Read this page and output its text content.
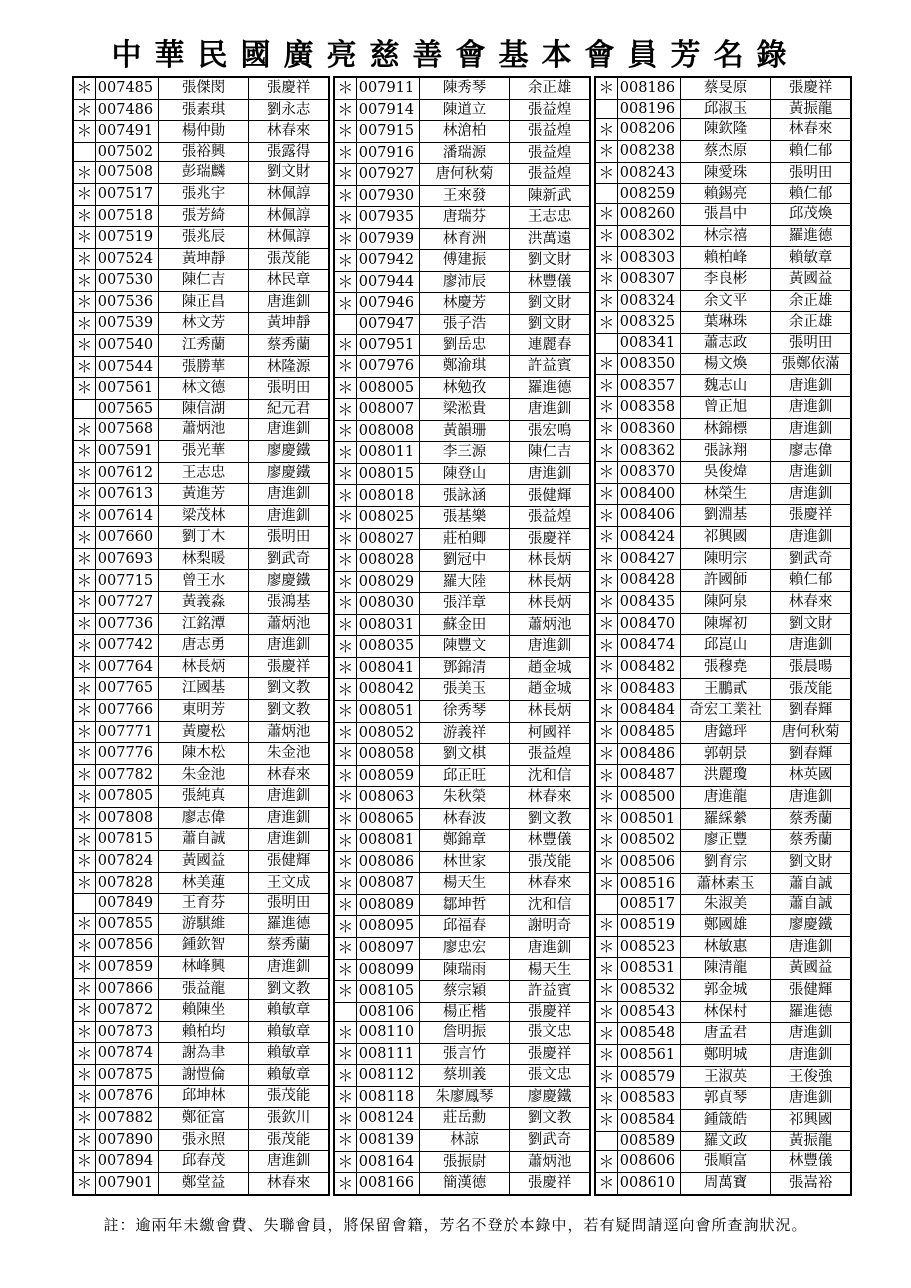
中華民國廣亮慈善會基本會員芳名錄
＊	007485	張傑閔	張慶祥
＊	007486	張素琪	劉永志
＊	007491	楊仲勛	林春來
	007502	張裕興	張露得
＊	007508	彭瑞麟	劉文財
＊	007517	張兆宇	林佩諄
＊	007518	張芳綺	林佩諄
＊	007519	張兆辰	林佩諄
＊	007524	黃坤靜	張茂能
＊	007530	陳仁吉	林民章
＊	007536	陳正昌	唐進釧
＊	007539	林文芳	黃坤靜
＊	007540	江秀蘭	蔡秀蘭
＊	007544	張勝華	林隆源
＊	007561	林文德	張明田
	007565	陳信湖	紀元君
＊	007568	蕭炳池	唐進釧
＊	007591	張光華	廖慶鐵
＊	007612	王志忠	廖慶鐵
＊	007613	黃進芳	唐進釧
＊	007614	梁茂林	唐進釧
＊	007660	劉丁木	張明田
＊	007693	林梨暖	劉武奇
＊	007715	曾王水	廖慶鐵
＊	007727	黃義淼	張鴻基
＊	007736	江銘潭	蕭炳池
＊	007742	唐志勇	唐進釧
＊	007764	林長炳	張慶祥
＊	007765	江國基	劉文教
＊	007766	東明芳	劉文教
＊	007771	黃慶松	蕭炳池
＊	007776	陳木松	朱金池
＊	007782	朱金池	林春來
＊	007805	張純真	唐進釧
＊	007808	廖志偉	唐進釧
＊	007815	蕭自誠	唐進釧
＊	007824	黃國益	張健輝
＊	007828	林美蓮	王文成
	007849	王育芬	張明田
＊	007855	游騏維	羅進德
＊	007856	鍾欽智	蔡秀蘭
＊	007859	林峰興	唐進釧
＊	007866	張益龍	劉文教
＊	007872	賴陳坐	賴敏章
＊	007873	賴柏均	賴敏章
＊	007874	謝為聿	賴敏章
＊	007875	謝愷倫	賴敏章
＊	007876	邱坤林	張茂能
＊	007882	鄭征富	張欽川
＊	007890	張永照	張茂能
＊	007894	邱春茂	唐進釧
＊	007901	鄭堂益	林春來
＊	007911	陳秀琴	余正雄
＊	007914	陳道立	張益煌
＊	007915	林滄柏	張益煌
＊	007916	潘瑞源	張益煌
＊	007927	唐何秋菊	張益煌
＊	007930	王來發	陳新武
＊	007935	唐瑞芬	王志忠
＊	007939	林育洲	洪萬遠
＊	007942	傅建振	劉文財
＊	007944	廖沛辰	林豐儀
＊	007946	林慶芳	劉文財
	007947	張子浩	劉文財
＊	007951	劉岳忠	連麗春
＊	007976	鄭渝琪	許益賓
＊	008005	林勉孜	羅進德
＊	008007	梁淞貴	唐進釧
＊	008008	黃韻珊	張宏鳴
＊	008011	李三源	陳仁吉
＊	008015	陳登山	唐進釧
＊	008018	張詠涵	張健輝
＊	008025	張基樂	張益煌
＊	008027	莊柏卿	張慶祥
＊	008028	劉冠中	林長炳
＊	008029	羅大陸	林長炳
＊	008030	張洋章	林長炳
＊	008031	蘇金田	蕭炳池
＊	008035	陳豐文	唐進釧
＊	008041	鄧錦清	趙金城
＊	008042	張美玉	趙金城
＊	008051	徐秀琴	林長炳
＊	008052	游義祥	柯國祥
＊	008058	劉文棋	張益煌
＊	008059	邱正旺	沈和信
＊	008063	朱秋榮	林春來
＊	008065	林春波	劉文教
＊	008081	鄭錦章	林豐儀
＊	008086	林世家	張茂能
＊	008087	楊天生	林春來
＊	008089	鄒坤哲	沈和信
＊	008095	邱福春	謝明奇
＊	008097	廖忠宏	唐進釧
＊	008099	陳瑞雨	楊天生
＊	008105	蔡宗穎	許益賓
	008106	楊正楷	張慶祥
＊	008110	詹明振	張文忠
＊	008111	張言竹	張慶祥
＊	008112	蔡圳義	張文忠
＊	008118	朱廖鳳琴	廖慶鐵
＊	008124	莊岳勳	劉文教
＊	008139	林諒	劉武奇
＊	008164	張振尉	蕭炳池
＊	008166	簡漢德	張慶祥
＊	008186	蔡旻原	張慶祥
	008196	邱淑玉	黃振龍
＊	008206	陳欽隆	林春來
＊	008238	蔡杰原	賴仁郁
＊	008243	陳愛珠	張明田
	008259	賴錫亮	賴仁郁
＊	008260	張昌中	邱茂煥
＊	008302	林宗禧	羅進德
＊	008303	賴柏峰	賴敏章
＊	008307	李良彬	黃國益
＊	008324	余文平	余正雄
＊	008325	葉琳珠	余正雄
	008341	蕭志政	張明田
＊	008350	楊文煥	張鄭依滿
＊	008357	魏志山	唐進釧
＊	008358	曾正旭	唐進釧
＊	008360	林錦標	唐進釧
＊	008362	張詠翔	廖志偉
＊	008370	吳俊煒	唐進釧
＊	008400	林榮生	唐進釧
＊	008406	劉淵基	張慶祥
＊	008424	祁興國	唐進釧
＊	008427	陳明宗	劉武奇
＊	008428	許國師	賴仁郁
＊	008435	陳阿泉	林春來
＊	008470	陳墀初	劉文財
＊	008474	邱崑山	唐進釧
＊	008482	張穆堯	張晨暘
＊	008483	王鵬貳	張茂能
＊	008484	奇宏工業社	劉春輝
＊	008485	唐鐿玶	唐何秋菊
＊	008486	郭朝景	劉春輝
＊	008487	洪麗瓊	林英國
＊	008500	唐進龍	唐進釧
＊	008501	羅綵縈	蔡秀蘭
＊	008502	廖正豐	蔡秀蘭
＊	008506	劉育宗	劉文財
＊	008516	蕭林素玉	蕭自誠
	008517	朱淑美	蕭自誠
＊	008519	鄭國雄	廖慶鐵
＊	008523	林敏惠	唐進釧
＊	008531	陳清龍	黃國益
＊	008532	郭金城	張健輝
＊	008543	林保村	羅進德
＊	008548	唐孟君	唐進釧
＊	008561	鄭明城	唐進釧
＊	008579	王淑英	王俊強
＊	008583	郭貞琴	唐進釧
＊	008584	鍾箴皓	祁興國
	008589	羅文政	黃振龍
＊	008606	張順富	林豐儀
＊	008610	周萬寶	張嵩裕
註：逾兩年未繳會費、失聯會員，將保留會籍，芳名不登於本錄中，若有疑問請逕向會所查詢狀況。
